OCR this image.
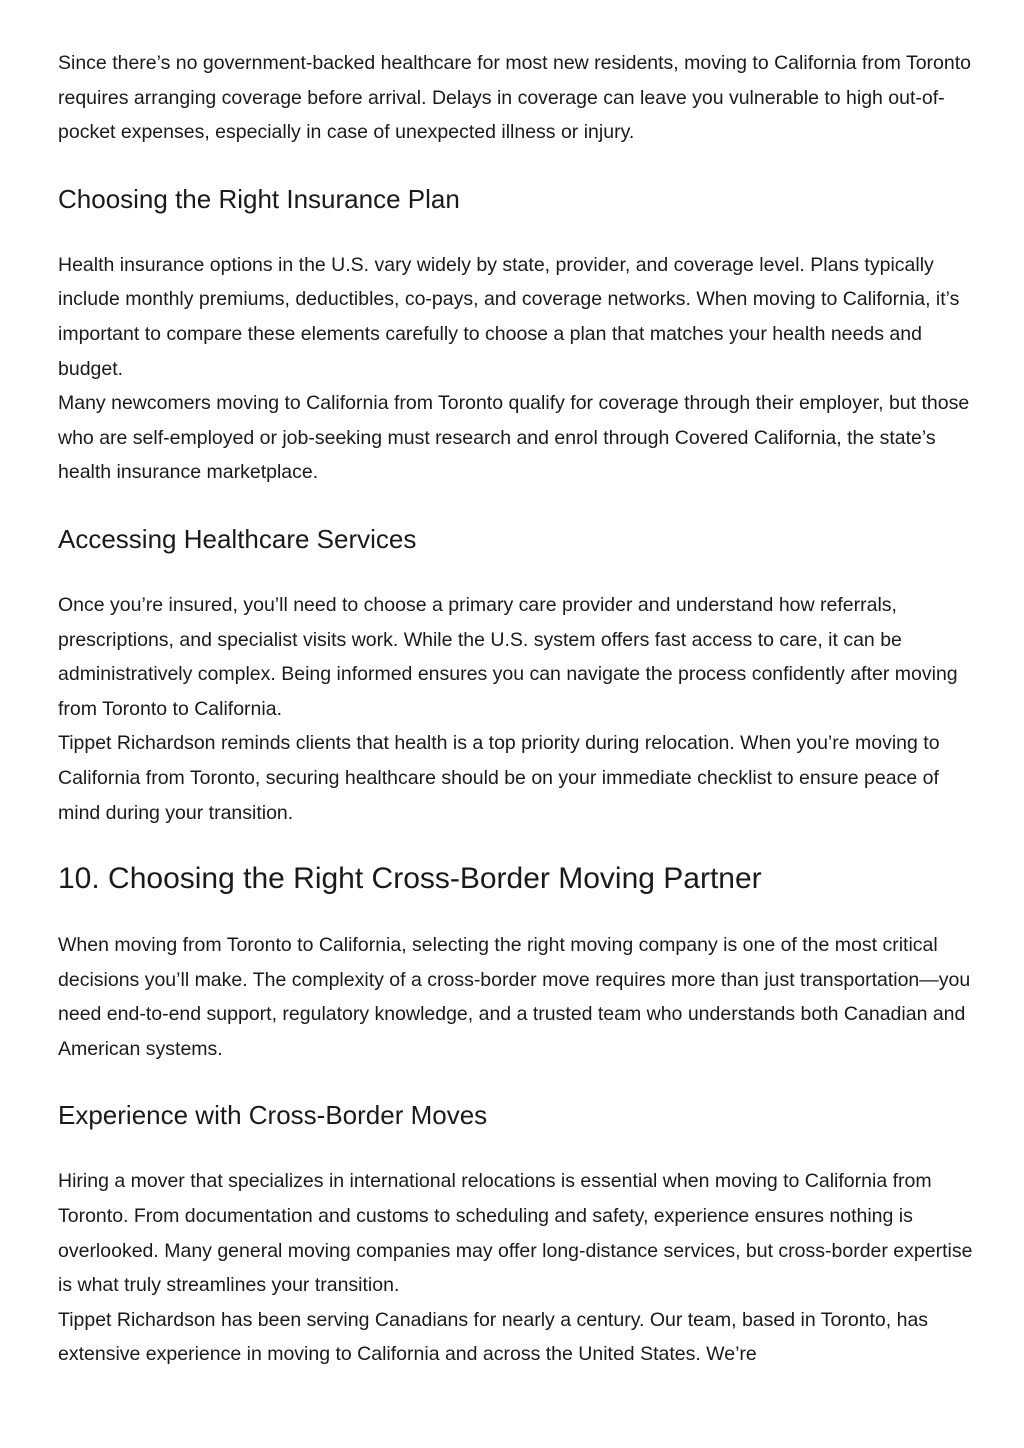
Since there’s no government-backed healthcare for most new residents, moving to California from Toronto requires arranging coverage before arrival. Delays in coverage can leave you vulnerable to high out-of-pocket expenses, especially in case of unexpected illness or injury.

Choosing the Right Insurance Plan

Health insurance options in the U.S. vary widely by state, provider, and coverage level. Plans typically include monthly premiums, deductibles, co-pays, and coverage networks. When moving to California, it’s important to compare these elements carefully to choose a plan that matches your health needs and budget.

Many newcomers moving to California from Toronto qualify for coverage through their employer, but those who are self-employed or job-seeking must research and enrol through Covered California, the state’s health insurance marketplace.

Accessing Healthcare Services

Once you’re insured, you’ll need to choose a primary care provider and understand how referrals, prescriptions, and specialist visits work. While the U.S. system offers fast access to care, it can be administratively complex. Being informed ensures you can navigate the process confidently after moving from Toronto to California.

Tippet Richardson reminds clients that health is a top priority during relocation. When you’re moving to California from Toronto, securing healthcare should be on your immediate checklist to ensure peace of mind during your transition.

10. Choosing the Right Cross-Border Moving Partner

When moving from Toronto to California, selecting the right moving company is one of the most critical decisions you’ll make. The complexity of a cross-border move requires more than just transportation—you need end-to-end support, regulatory knowledge, and a trusted team who understands both Canadian and American systems.

Experience with Cross-Border Moves

Hiring a mover that specializes in international relocations is essential when moving to California from Toronto. From documentation and customs to scheduling and safety, experience ensures nothing is overlooked. Many general moving companies may offer long-distance services, but cross-border expertise is what truly streamlines your transition.

Tippet Richardson has been serving Canadians for nearly a century. Our team, based in Toronto, has extensive experience in moving to California and across the United States. We’re
